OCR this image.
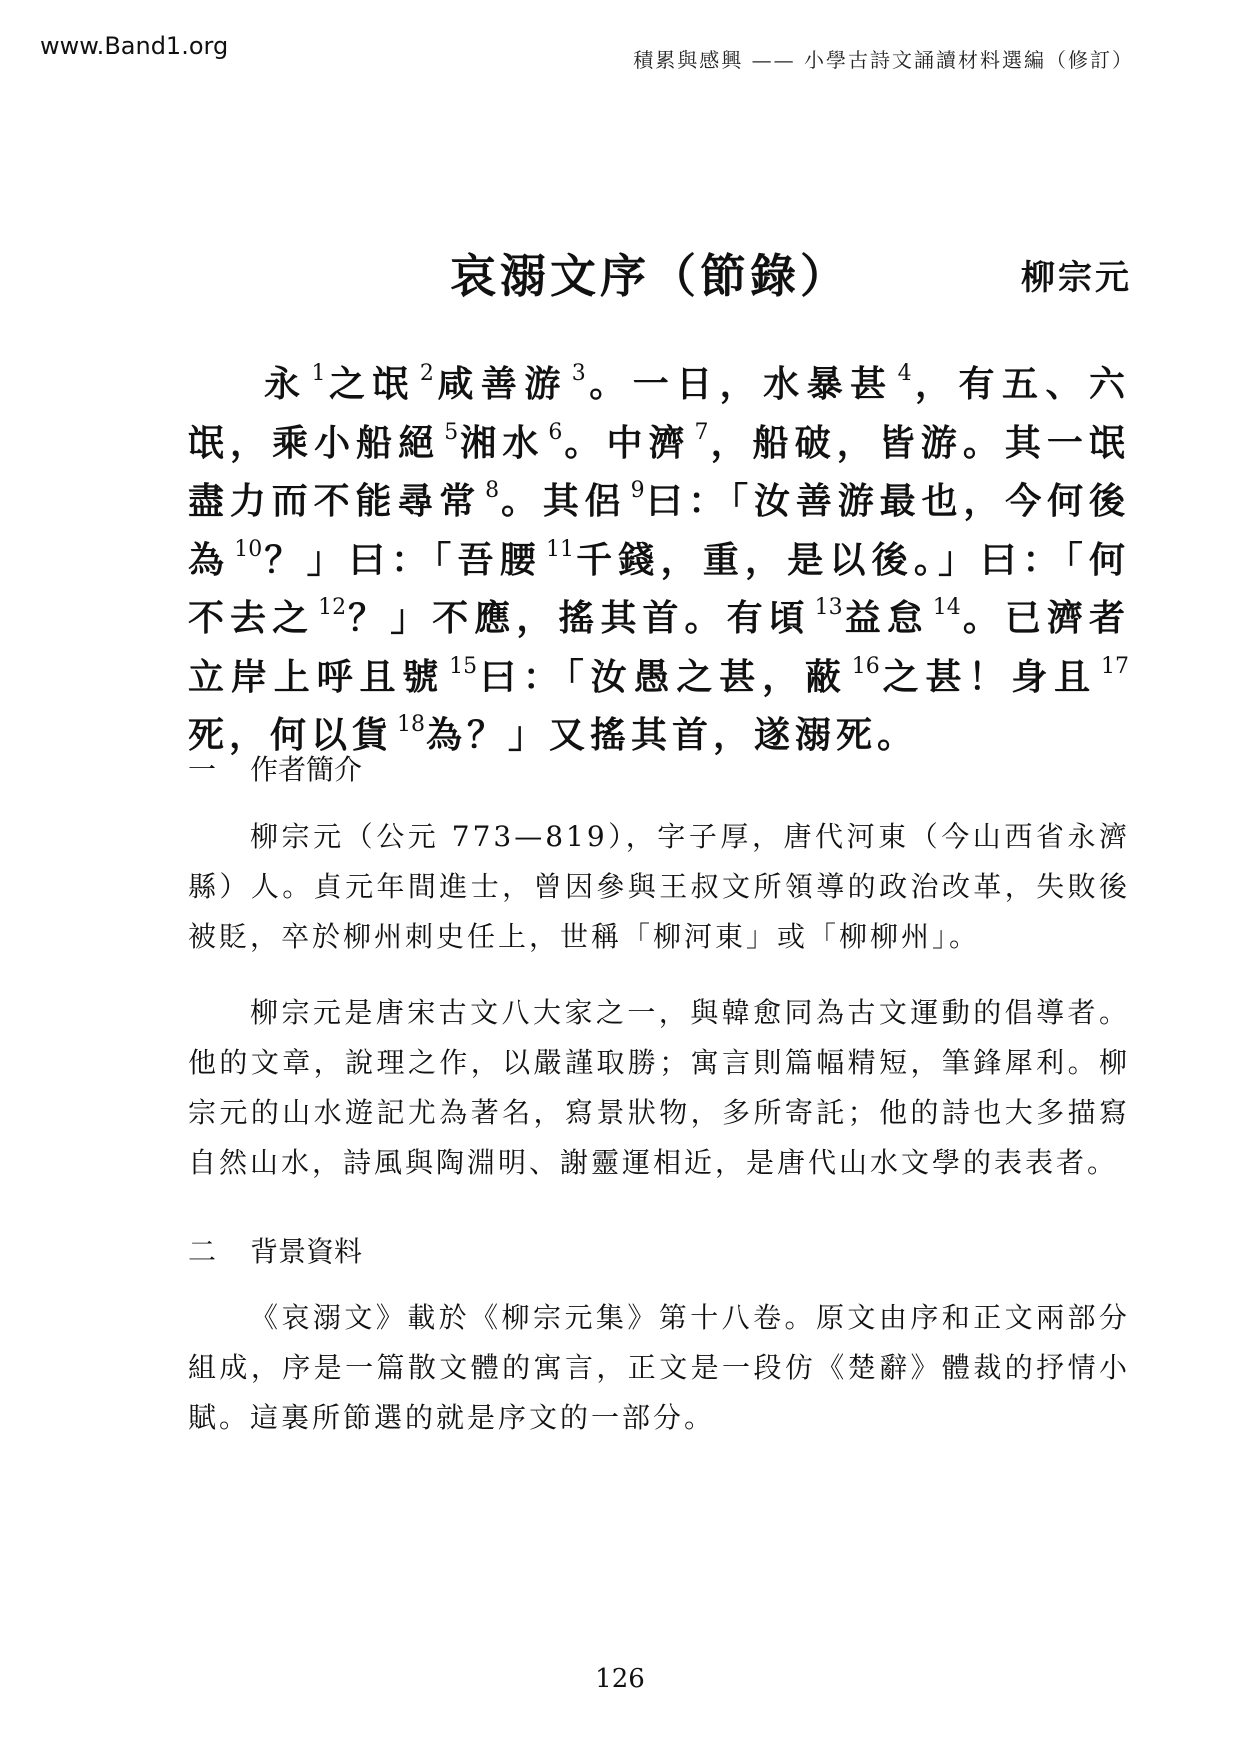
www.Band1.org	積累與感興 —— 小學古詩文誦讀材料選編（修訂）
哀溺文序（節錄）	柳宗元

永 $^1$之氓 $^2$咸善游 $^3$。一日，水暴甚 $^4$，有五、六氓，乘小船絕 $^5$湘水 $^6$。中濟 $^7$，船破，皆游。其一氓盡力而不能尋常 $^8$。其侶 $^9$曰：「汝善游最也，今何後為 $^{10}$？」曰：「吾腰 $^{11}$千錢，重，是以後。」曰：「何不去之 $^{12}$？」不應，搖其首。有頃 $^{13}$益怠 $^{14}$。已濟者立岸上呼且號 $^{15}$曰：「汝愚之甚，蔽 $^{16}$之甚！身且 $^{17}$死，何以貨 $^{18}$為？」又搖其首，遂溺死。

一 作者簡介

柳宗元（公元 773—819），字子厚，唐代河東（今山西省永濟縣）人。貞元年間進士，曾因參與王叔文所領導的政治改革，失敗後被貶，卒於柳州刺史任上，世稱「柳河東」或「柳柳州」。

柳宗元是唐宋古文八大家之一，與韓愈同為古文運動的倡導者。他的文章，說理之作，以嚴謹取勝；寓言則篇幅精短，筆鋒犀利。柳宗元的山水遊記尤為著名，寫景狀物，多所寄託；他的詩也大多描寫自然山水，詩風與陶淵明、謝靈運相近，是唐代山水文學的表表者。

二 背景資料

《哀溺文》載於《柳宗元集》第十八卷。原文由序和正文兩部分組成，序是一篇散文體的寓言，正文是一段仿《楚辭》體裁的抒情小賦。這裏所節選的就是序文的一部分。

126
